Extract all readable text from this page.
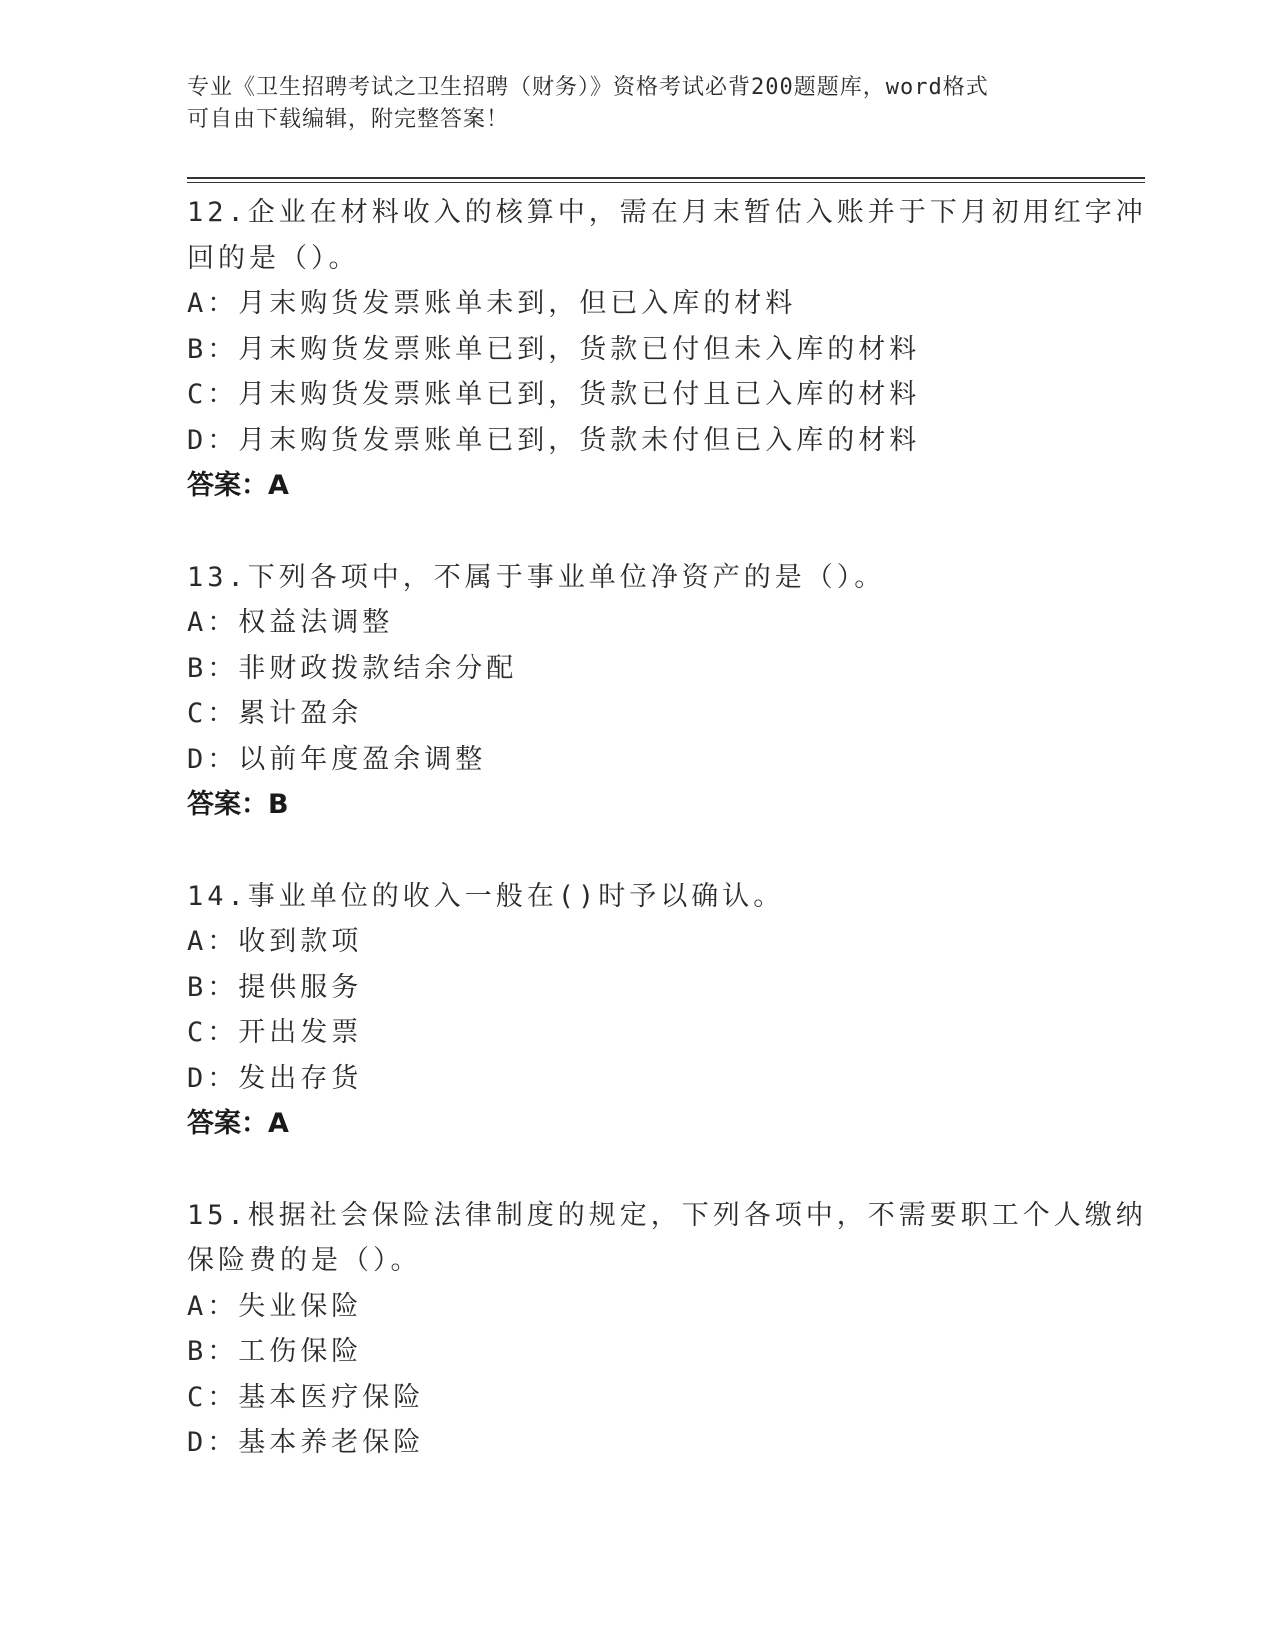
专业《卫生招聘考试之卫生招聘（财务）》资格考试必背200题题库，word格式
可自由下载编辑，附完整答案！
12.企业在材料收入的核算中，需在月末暂估入账并于下月初用红字冲
回的是（）。
A：月末购货发票账单未到，但已入库的材料
B：月末购货发票账单已到，货款已付但未入库的材料
C：月末购货发票账单已到，货款已付且已入库的材料
D：月末购货发票账单已到，货款未付但已入库的材料
答案：A
13.下列各项中，不属于事业单位净资产的是（）。
A：权益法调整
B：非财政拨款结余分配
C：累计盈余
D：以前年度盈余调整
答案：B
14.事业单位的收入一般在()时予以确认。
A：收到款项
B：提供服务
C：开出发票
D：发出存货
答案：A
15.根据社会保险法律制度的规定，下列各项中，不需要职工个人缴纳
保险费的是（）。
A：失业保险
B：工伤保险
C：基本医疗保险
D：基本养老保险
